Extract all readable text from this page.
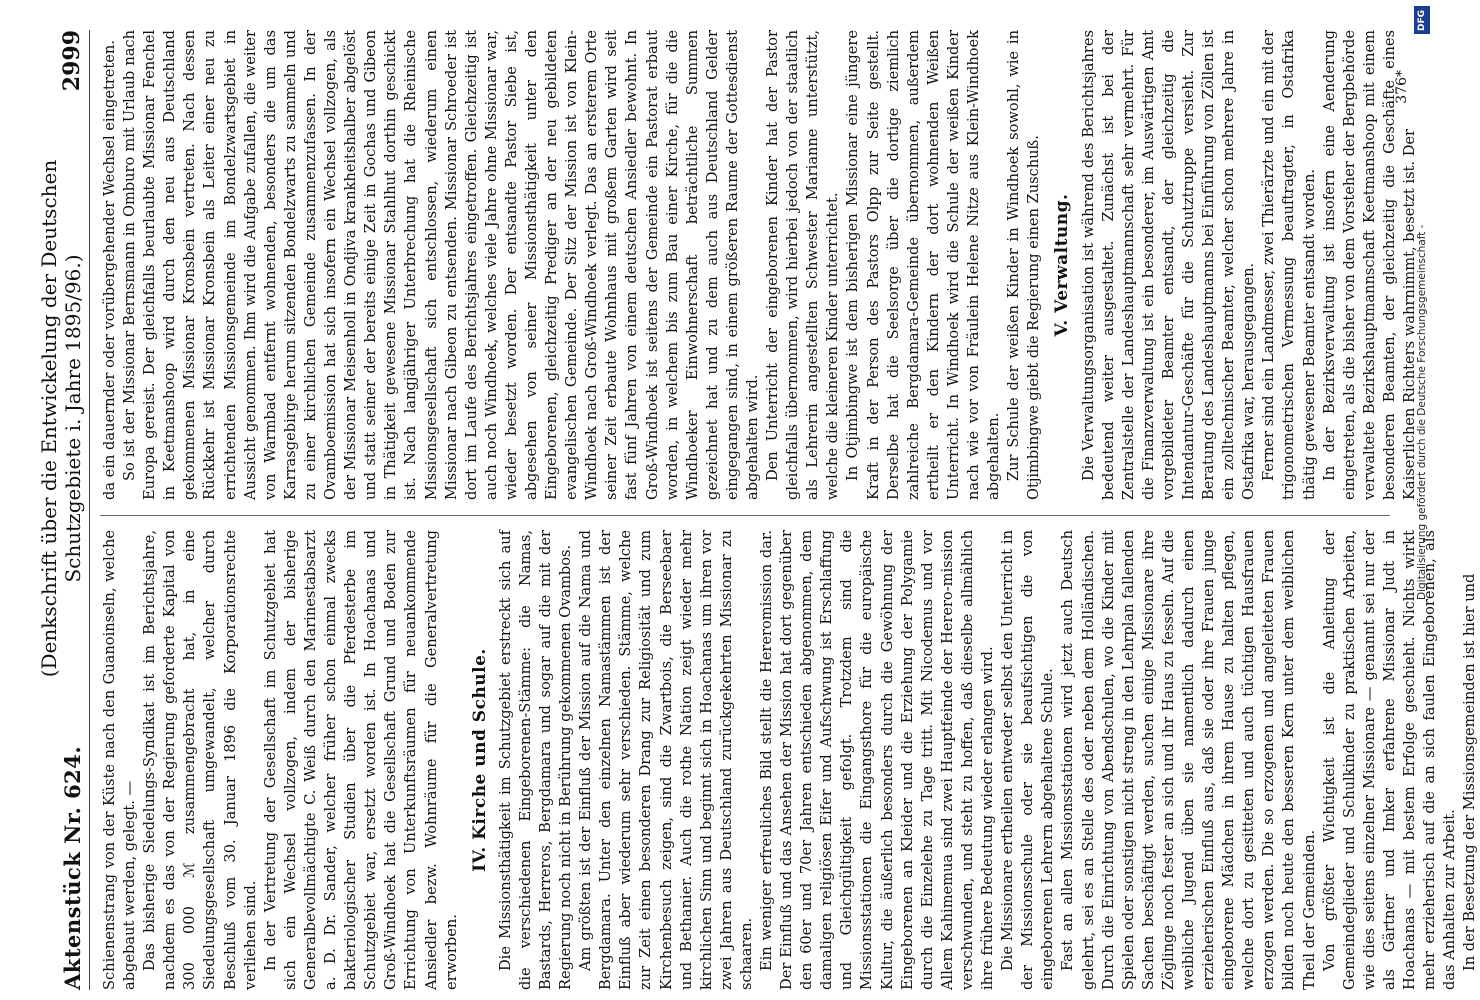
Aktenstück Nr. 624.
(Denkschrift über die Entwickelung der Deutschen Schutzgebiete i. Jahre 1895/96.)
2999

Schienenstrang von der Küste nach den Guanoinseln, welche abgebaut werden, gelegt. — Das bisherige Siedelungs-Syndikat ist im Berichtsjahre, nachdem es das von der Regierung geforderte Kapital von 300 000 ℳ zusammengebracht hat, in eine Siedelungsgesellschaft umgewandelt, welcher durch Beschluß vom 30. Januar 1896 die Korporationsrechte verliehen sind. In der Vertretung der Gesellschaft im Schutzgebiet hat sich ein Wechsel vollzogen, indem der bisherige Generalbevollmächtigte C. Weiß durch den Marinestabsarzt a. D. Dr. Sander, welcher früher schon einmal zwecks bakteriologischer Studien über die Pferdesterbe im Schutzgebiet war, ersetzt worden ist. In Hoachanas und Groß-Windhoek hat die Gesellschaft Grund und Boden zur Errichtung von Unterkunftsräumen für neuankommende Ansiedler bezw. Wohnräume für die Generalvertretung erworben.

IV. Kirche und Schule. Die Missionsthätigkeit im Schutzgebiet erstreckt sich auf die verschiedenen Eingeborenen-Stämme: die Namas, Bastards, Herreros, Bergdamara und sogar auf die mit der Regierung noch nicht in Berührung gekommenen Ovambos. Am größten ist der Einfluß der Mission auf die Nama und Bergdamara. Unter den einzelnen Namastämmen ist der Einfluß aber wiederum sehr verschieden. Stämme, welche zur Zeit einen besonderen Drang zur Religiosität und zum Kirchenbesuch zeigen, sind die Zwartbois, die Berseebaer und Bethanier. Auch die rothe Nation zeigt wieder mehr kirchlichen Sinn und beginnt sich in Hoachanas um ihren vor zwei Jahren aus Deutschland zurückgekehrten Missionar zu schaaren. Ein weniger erfreuliches Bild stellt die Hereromission dar. Der Einfluß und das Ansehen der Mission hat dort gegenüber den 60er und 70er Jahren entschieden abgenommen, dem damaligen religiösen Eifer und Aufschwung ist Erschlaffung und Gleichgültigkeit gefolgt. Trotzdem sind die Missionsstationen die Eingangsthore für die europäische Kultur, die äußerlich besonders durch die Gewöhnung der Eingeborenen an Kleider und die Erziehung der Polygamie durch die Einzelehe zu Tage tritt. Mit Nicodemus und vor Allem Kahimemua sind zwei Hauptfeinde der Herero-mission verschwunden, und steht zu hoffen, daß dieselbe allmählich ihre frühere Bedeutung wieder erlangen wird. Die Missionare ertheilen entweder selbst den Unterricht in der Missionsschule oder sie beaufsichtigen die von eingeborenen Lehrern abgehaltene Schule. Fast an allen Missionsstationen wird jetzt auch Deutsch gelehrt, sei es an Stelle des oder neben dem Holländischen. Durch die Einrichtung von Abendschulen, wo die Kinder mit Spielen oder sonstigen nicht streng in den Lehrplan fallenden Sachen beschäftigt werden, suchen einige Missionare ihre Zöglinge noch fester an sich und ihr Haus zu fesseln. Auf die weibliche Jugend üben sie namentlich dadurch einen erzieherischen Einfluß aus, daß sie oder ihre Frauen junge eingeborene Mädchen in ihrem Hause zu halten pflegen, welche dort zu gesitteten und auch tüchtigen Hausfrauen erzogen werden. Die so erzogenen und angeleiteten Frauen bilden noch heute den besseren Kern unter dem weiblichen Theil der Gemeinden. Von größter Wichtigkeit ist die Anleitung der Gemeindeglieder und Schulkinder zu praktischen Arbeiten, wie dies seitens einzelner Missionare — genannt sei nur der als Gärtner und Imker erfahrene Missionar Judt in Hoachanas — mit bestem Erfolge geschieht. Nichts wirkt mehr erzieherisch auf die an sich faulen Eingeborenen, als das Anhalten zur Arbeit. In der Besetzung der Missionsgemeinden ist hier und

da ein dauernder oder vorübergehender Wechsel eingetreten. So ist der Missionar Bernsmann in Omburo mit Urlaub nach Europa gereist. Der gleichfalls beurlaubte Missionar Fenchel in Keetmanshoop wird durch den neu aus Deutschland gekommenen Missionar Kronsbein vertreten. Nach dessen Rückkehr ist Missionar Kronsbein als Leiter einer neu zu errichtenden Missionsgemeinde im Bondelzwartsgebiet in Aussicht genommen. Ihm wird die Aufgabe zufallen, die weiter von Warmbad entfernt wohnenden, besonders die um das Karrasgebirge herum sitzenden Bondelzwarts zu sammeln und zu einer kirchlichen Gemeinde zusammenzufassen. In der Ovamboemission hat sich insofern ein Wechsel vollzogen, als der Missionar Meisenholl in Ondjiva krankheitshalber abgelöst und statt seiner der bereits einige Zeit in Gochas und Gibeon in Thätigkeit gewesene Missionar Stahlhut dorthin geschickt ist. Nach langjähriger Unterbrechung hat die Rheinische Missionsgesellschaft sich entschlossen, wiederum einen Missionar nach Gibeon zu entsenden. Missionar Schroeder ist dort im Laufe des Berichtsjahres eingetroffen. Gleichzeitig ist auch noch Windhoek, welches viele Jahre ohne Missionar war, wieder besetzt worden. Der entsandte Pastor Siebe ist, abgesehen von seiner Missionsthätigkeit unter den Eingeborenen, gleichzeitig Prediger an der neu gebildeten evangelischen Gemeinde. Der Sitz der Mission ist von Klein-Windhoek nach Groß-Windhoek verlegt. Das an ersterem Orte seiner Zeit erbaute Wohnhaus mit großem Garten wird seit fast fünf Jahren von einem deutschen Ansiedler bewohnt. In Groß-Windhoek ist seitens der Gemeinde ein Pastorat erbaut worden, in welchem bis zum Bau einer Kirche, für die die Windhoeker Einwohnerschaft beträchtliche Summen gezeichnet hat und zu dem auch aus Deutschland Gelder eingegangen sind, in einem größeren Raume der Gottesdienst abgehalten wird. Den Unterricht der eingeborenen Kinder hat der Pastor gleichfalls übernommen, wird hierbei jedoch von der staatlich als Lehrerin angestellten Schwester Marianne unterstützt, welche die kleineren Kinder unterrichtet. In Otjimbingwe ist dem bisherigen Missionar eine jüngere Kraft in der Person des Pastors Olpp zur Seite gestellt. Derselbe hat die Seelsorge über die dortige ziemlich zahlreiche Bergdamara-Gemeinde übernommen, außerdem ertheilt er den Kindern der dort wohnenden Weißen Unterricht. In Windhoek wird die Schule der weißen Kinder nach wie vor von Fräulein Helene Nitze aus Klein-Windhoek abgehalten. Zur Schule der weißen Kinder in Windhoek sowohl, wie in Otjimbingwe giebt die Regierung einen Zuschuß. V. Verwaltung. Die Verwaltungsorganisation ist während des Berichtsjahres bedeutend weiter ausgestaltet. Zunächst ist bei der Zentralstelle der Landeshauptmannschaft sehr vermehrt. Für die Finanzverwaltung ist ein besonderer, im Auswärtigen Amt vorgebildeter Beamter entsandt, der gleichzeitig die Intendantur-Geschäfte für die Schutztruppe versieht. Zur Beratung des Landeshauptmanns bei Einführung von Zöllen ist ein zolltechnischer Beamter, welcher schon mehrere Jahre in Ostafrika war, herausgegangen. Ferner sind ein Landmesser, zwei Thierärzte und ein mit der trigonometrischen Vermessung beauftragter, in Ostafrika thätig gewesener Beamter entsandt worden. In der Bezirksverwaltung ist insofern eine Aenderung eingetreten, als die bisher von dem Vorsteher der Bergbehörde verwaltete Bezirkshauptmannschaft Keetmanshoop mit einem besonderen Beamten, der gleichzeitig die Geschäfte eines Kaiserlichen Richters wahrnimmt, besetzt ist. Der

376*
DFG
Digitalisierung gefördert durch die Deutsche Forschungsgemeinschaft -
